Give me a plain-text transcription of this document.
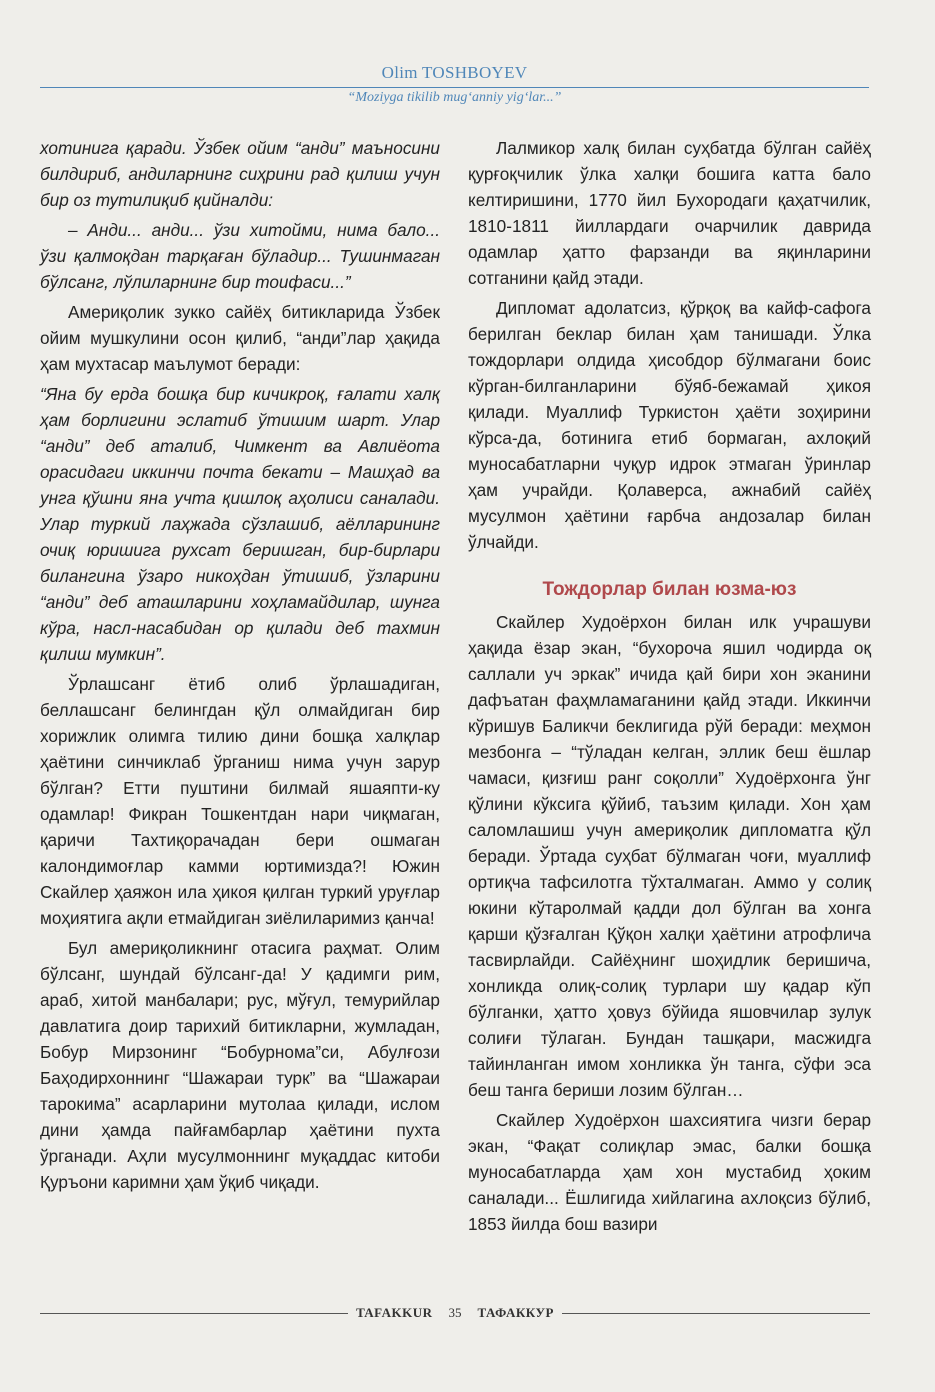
Olim TOSHBOYEV
“Moziyga tikilib mug‘anniy yig‘lar...”

хотинига қаради. Ўзбек ойим “анди” маъносини билдириб, андиларнинг сиҳрини рад қилиш учун бир оз тутилиқиб қийналди:

– Анди... анди... ўзи хитойми, нима бало... ўзи қалмоқдан тарқаған бўладир... Тушинмаган бўлсанг, лўлиларнинг бир тоифаси...”

Америқолик зукко сайёҳ битикларида Ўзбек ойим мушкулини осон қилиб, “анди”лар ҳақида ҳам мухтасар маълумот беради:

“Яна бу ерда бошқа бир кичикроқ, ғалати халқ ҳам борлигини эслатиб ўтишим шарт. Улар “анди” деб аталиб, Чимкент ва Авлиёота орасидаги иккинчи почта бекати – Машҳад ва унга қўшни яна учта қишлоқ аҳолиси саналади. Улар туркий лаҳжада сўзлашиб, аёлларининг очиқ юришига рухсат беришган, бир-бирлари билангина ўзаро никоҳдан ўтишиб, ўзларини “анди” деб аташларини хоҳламайдилар, шунга кўра, насл-насабидан ор қилади деб тахмин қилиш мумкин”.

Ўрлашсанг ётиб олиб ўрлашадиган, беллашсанг белингдан қўл олмайдиган бир хорижлик олимга тилию дини бошқа халқлар ҳаётини синчиклаб ўрганиш нима учун зарур бўлган? Етти пуштини билмай яшаяпти-ку одамлар! Фикран Тошкентдан нари чиқмаган, қаричи Тахтиқорачадан бери ошмаган калондимоғлар камми юртимизда?! Южин Скайлер ҳаяжон ила ҳикоя қилган туркий уруғлар моҳиятига ақли етмайдиган зиёлиларимиз қанча!

Бул америқоликнинг отасига раҳмат. Олим бўлсанг, шундай бўлсанг-да! У қадимги рим, араб, хитой манбалари; рус, мўғул, темурийлар давлатига доир тарихий битикларни, жумладан, Бобур Мирзонинг “Бобурнома”си, Абулғози Баҳодирхоннинг “Шажараи турк” ва “Шажараи тарокима” асарларини мутолаа қилади, ислом дини ҳамда пайғамбарлар ҳаётини пухта ўрганади. Аҳли мусулмоннинг муқаддас китоби Қуръони каримни ҳам ўқиб чиқади.

Лалмикор халқ билан суҳбатда бўлган сайёҳ қурғоқчилик ўлка халқи бошига катта бало келтиришини, 1770 йил Бухородаги қаҳатчилик, 1810-1811 йиллардаги очарчилик даврида одамлар ҳатто фарзанди ва яқинларини сотганини қайд этади.

Дипломат адолатсиз, қўрқоқ ва кайф-сафога берилган беклар билан ҳам танишади. Ўлка тождорлари олдида ҳисобдор бўлмагани боис кўрган-билганларини бўяб-бежамай ҳикоя қилади. Муаллиф Туркистон ҳаёти зоҳирини кўрса-да, ботинига етиб бормаган, ахлоқий муносабатларни чуқур идрок этмаган ўринлар ҳам учрайди. Қолаверса, ажнабий сайёҳ мусулмон ҳаётини ғарбча андозалар билан ўлчайди.

Тождорлар билан юзма-юз

Скайлер Худоёрхон билан илк учрашуви ҳақида ёзар экан, “бухороча яшил чодирда оқ саллали уч эркак” ичида қай бири хон эканини дафъатан фаҳмламаганини қайд этади. Иккинчи кўришув Баликчи беклигида рўй беради: меҳмон мезбонга – “тўладан келган, эллик беш ёшлар чамаси, қизғиш ранг соқолли” Худоёрхонга ўнг қўлини кўксига қўйиб, таъзим қилади. Хон ҳам саломлашиш учун америқолик дипломатга қўл беради. Ўртада суҳбат бўлмаган чоғи, муаллиф ортиқча тафсилотга тўхталмаган. Аммо у солиқ юкини кўтаролмай қадди дол бўлган ва хонга қарши қўзғалган Қўқон халқи ҳаётини атрофлича тасвирлайди. Сайёҳнинг шоҳидлик беришича, хонликда олиқ-солиқ турлари шу қадар кўп бўлганки, ҳатто ҳовуз бўйида яшовчилар зулук солиғи тўлаган. Бундан ташқари, масжидга тайинланган имом хонликка ўн танга, сўфи эса беш танга бериши лозим бўлган…

Скайлер Худоёрхон шахсиятига чизги берар экан, “Фақат солиқлар эмас, балки бошқа муносабатларда ҳам хон мустабид ҳоким саналади... Ёшлигида хийлагина ахлоқсиз бўлиб, 1853 йилда бош вазири

TAFAKKUR	35	ТАФАККУР
